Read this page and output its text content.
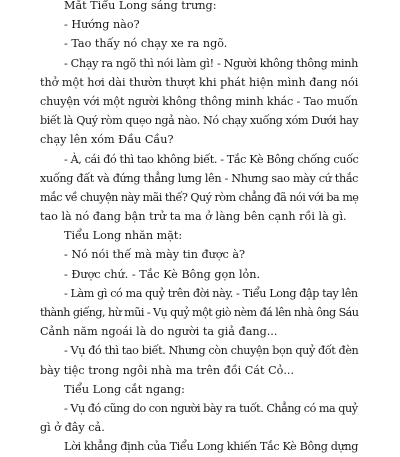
Mắt Tiểu Long sáng trưng:
- Hướng nào?
- Tao thấy nó chạy xe ra ngõ.
- Chạy ra ngõ thì nói làm gì! - Người không thông minh
thở một hơi dài thườn thượt khi phát hiện mình đang nói
chuyện với một người không thông minh khác - Tao muốn
biết là Quý ròm quẹo ngả nào. Nó chạy xuống xóm Dưới hay
chạy lên xóm Đầu Cầu?
- À, cái đó thì tao không biết. - Tắc Kè Bông chống cuốc
xuống đất và đứng thẳng lưng lên - Nhưng sao mày cứ thắc
mắc về chuyện này mãi thế? Quý ròm chẳng đã nói với ba mẹ
tao là nó đang bận trử ta ma ở làng bên cạnh rồi là gì.
Tiểu Long nhăn mặt:
- Nó nói thế mà mày tin được à?
- Được chứ. - Tắc Kè Bông gọn lỏn.
- Làm gì có ma quỷ trên đời này. - Tiểu Long đập tay lên
thành giếng, hừ mũi - Vụ quỷ một giò nèm đá lên nhà ông Sáu
Cảnh năm ngoái là do người ta giả đang...
- Vụ đó thì tao biết. Nhưng còn chuyện bọn quỷ đốt đèn
bày tiệc trong ngôi nhà ma trên đồi Cát Cỏ...
Tiểu Long cắt ngang:
- Vụ đó cũng do con người bày ra tuốt. Chẳng có ma quỷ
gì ở đây cả.
Lời khẳng định của Tiểu Long khiến Tắc Kè Bông dựng
